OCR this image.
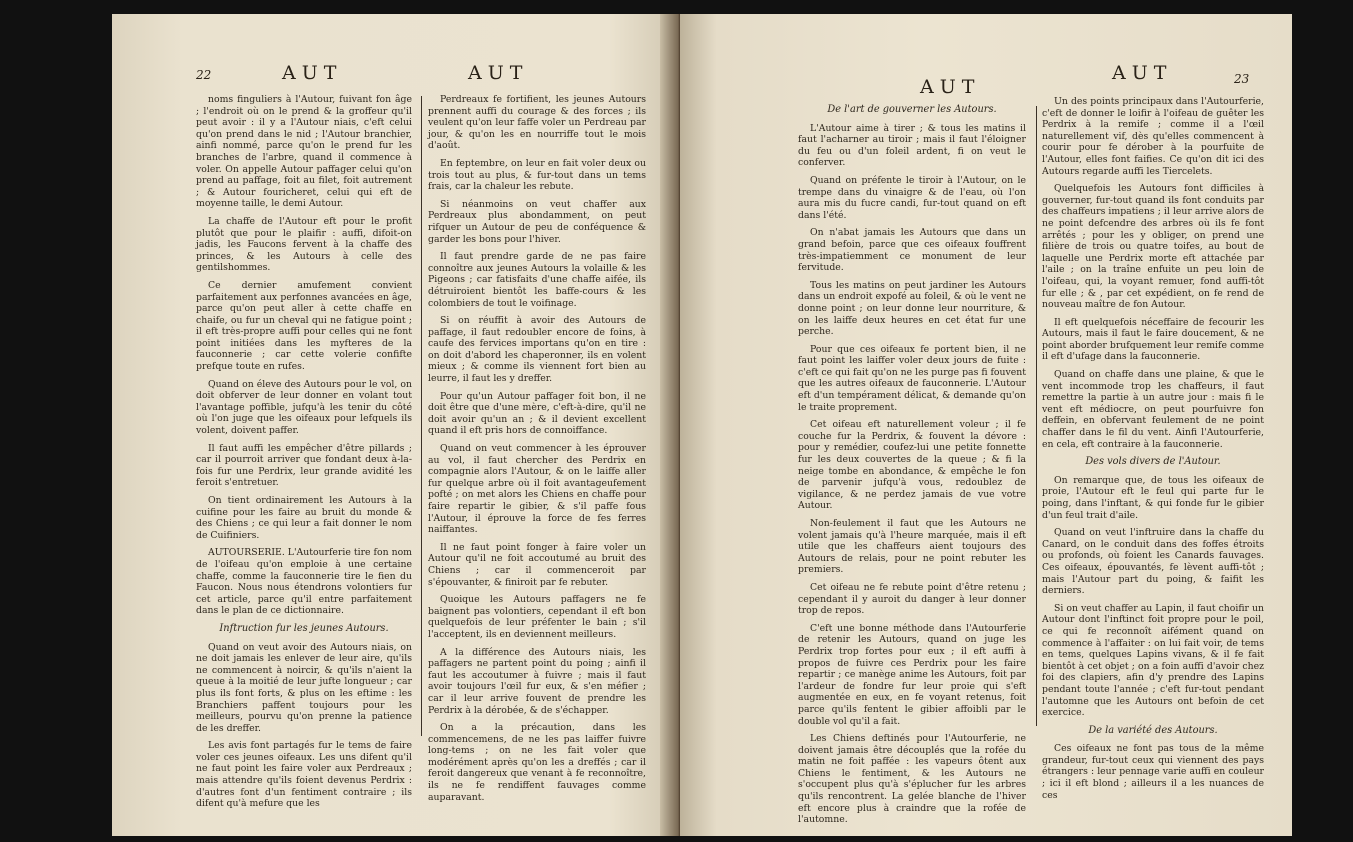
22	AUT	AUT

noms finguliers à l'Autour, fuivant fon âge ; l'endroit où on le prend & la groffeur qu'il peut avoir : il y a l'Autour niais, c'eft celui qu'on prend dans le nid ; l'Autour branchier, ainfi nommé, parce qu'on le prend fur les branches de l'arbre, quand il commence à voler. On appelle Autour paffager celui qu'on prend au paffage, foit au filet, foit autrement ; & Autour fouricheret, celui qui eft de moyenne taille, le demi Autour.

La chaffe de l'Autour eft pour le profit plutôt que pour le plaifir : auffi, difoit-on jadis, les Faucons fervent à la chaffe des princes, & les Autours à celle des gentilshommes.

Ce dernier amufement convient parfaitement aux perfonnes avancées en âge, parce qu'on peut aller à cette chaffe en chaife, ou fur un cheval qui ne fatigue point ; il eft très-propre auffi pour celles qui ne font point initiées dans les myfteres de la fauconnerie ; car cette volerie confifte prefque toute en rufes.

Quand on éleve des Autours pour le vol, on doit obferver de leur donner en volant tout l'avantage poffible, jufqu'à les tenir du côté où l'on juge que les oifeaux pour lefquels ils volent, doivent paffer.

Il faut auffi les empêcher d'être pillards ; car il pourroit arriver que fondant deux à-la-fois fur une Perdrix, leur grande avidité les feroit s'entretuer.

On tient ordinairement les Autours à la cuifine pour les faire au bruit du monde & des Chiens ; ce qui leur a fait donner le nom de Cuifiniers.

AUTOURSERIE. L'Autourferie tire fon nom de l'oifeau qu'on emploie à une certaine chaffe, comme la fauconnerie tire le fien du Faucon. Nous nous étendrons volontiers fur cet article, parce qu'il entre parfaitement dans le plan de ce dictionnaire.

Inftruction fur les jeunes Autours.

Quand on veut avoir des Autours niais, on ne doit jamais les enlever de leur aire, qu'ils ne commencent à noircir, & qu'ils n'aient la queue à la moitié de leur jufte longueur ; car plus ils font forts, & plus on les eftime : les Branchiers paffent toujours pour les meilleurs, pourvu qu'on prenne la patience de les dreffer.

Les avis font partagés fur le tems de faire voler ces jeunes oifeaux. Les uns difent qu'il ne faut point les faire voler aux Perdreaux ; mais attendre qu'ils foient devenus Perdrix : d'autres font d'un fentiment contraire ; ils difent qu'à mefure que les

Perdreaux fe fortifient, les jeunes Autours prennent auffi du courage & des forces ; ils veulent qu'on leur faffe voler un Perdreau par jour, & qu'on les en nourriffe tout le mois d'août.

En feptembre, on leur en fait voler deux ou trois tout au plus, & fur-tout dans un tems frais, car la chaleur les rebute.

Si néanmoins on veut chaffer aux Perdreaux plus abondamment, on peut rifquer un Autour de peu de conféquence & garder les bons pour l'hiver.

Il faut prendre garde de ne pas faire connoître aux jeunes Autours la volaille & les Pigeons ; car fatisfaits d'une chaffe aifée, ils détruiroient bientôt les baffe-cours & les colombiers de tout le voifinage.

Si on réuffit à avoir des Autours de paffage, il faut redoubler encore de foins, à caufe des fervices importans qu'on en tire : on doit d'abord les chaperonner, ils en volent mieux ; & comme ils viennent fort bien au leurre, il faut les y dreffer.

Pour qu'un Autour paffager foit bon, il ne doit être que d'une mère, c'eft-à-dire, qu'il ne doit avoir qu'un an ; & il devient excellent quand il eft pris hors de connoiffance.

Quand on veut commencer à les éprouver au vol, il faut chercher des Perdrix en compagnie alors l'Autour, & on le laiffe aller fur quelque arbre où il foit avantageufement pofté ; on met alors les Chiens en chaffe pour faire repartir le gibier, & s'il paffe fous l'Autour, il éprouve la force de fes ferres naiffantes.

Il ne faut point fonger à faire voler un Autour qu'il ne foit accoutumé au bruit des Chiens ; car il commenceroit par s'épouvanter, & finiroit par fe rebuter.

Quoique les Autours paffagers ne fe baignent pas volontiers, cependant il eft bon quelquefois de leur préfenter le bain ; s'il l'acceptent, ils en deviennent meilleurs.

A la différence des Autours niais, les paffagers ne partent point du poing ; ainfi il faut les accoutumer à fuivre ; mais il faut avoir toujours l'œil fur eux, & s'en méfier ; car il leur arrive fouvent de prendre les Perdrix à la dérobée, & de s'échapper.

On a la précaution, dans les commencemens, de ne les pas laiffer fuivre long-tems ; on ne les fait voler que modérément après qu'on les a dreffés ; car il feroit dangereux que venant à fe reconnoître, ils ne fe rendiffent fauvages comme auparavant.

AUT
AUT	23
De l'art de gouverner les Autours.

L'Autour aime à tirer ; & tous les matins il faut l'acharner au tiroir ; mais il faut l'éloigner du feu ou d'un foleil ardent, fi on veut le conferver.

Quand on préfente le tiroir à l'Autour, on le trempe dans du vinaigre & de l'eau, où l'on aura mis du fucre candi, fur-tout quand on eft dans l'été.

On n'abat jamais les Autours que dans un grand befoin, parce que ces oifeaux fouffrent très-impatiemment ce monument de leur fervitude.

Tous les matins on peut jardiner les Autours dans un endroit expofé au foleil, & où le vent ne donne point ; on leur donne leur nourriture, & on les laiffe deux heures en cet état fur une perche.

Pour que ces oifeaux fe portent bien, il ne faut point les laiffer voler deux jours de fuite : c'eft ce qui fait qu'on ne les purge pas fi fouvent que les autres oifeaux de fauconnerie. L'Autour eft d'un tempérament délicat, & demande qu'on le traite proprement.

Cet oifeau eft naturellement voleur ; il fe couche fur la Perdrix, & fouvent la dévore : pour y remédier, coufez-lui une petite fonnette fur les deux couvertes de la queue ; & fi la neige tombe en abondance, & empêche le fon de parvenir jufqu'à vous, redoublez de vigilance, & ne perdez jamais de vue votre Autour.

Non-feulement il faut que les Autours ne volent jamais qu'à l'heure marquée, mais il eft utile que les chaffeurs aient toujours des Autours de relais, pour ne point rebuter les premiers.

Cet oifeau ne fe rebute point d'être retenu ; cependant il y auroit du danger à leur donner trop de repos.

C'eft une bonne méthode dans l'Autourferie de retenir les Autours, quand on juge les Perdrix trop fortes pour eux ; il eft auffi à propos de fuivre ces Perdrix pour les faire repartir ; ce manège anime les Autours, foit par l'ardeur de fondre fur leur proie qui s'eft augmentée en eux, en fe voyant retenus, foit parce qu'ils fentent le gibier affoibli par le double vol qu'il a fait.

Les Chiens deftinés pour l'Autourferie, ne doivent jamais être découplés que la rofée du matin ne foit paffée : les vapeurs ôtent aux Chiens le fentiment, & les Autours ne s'occupent plus qu'à s'éplucher fur les arbres qu'ils rencontrent. La gelée blanche de l'hiver eft encore plus à craindre que la rofée de l'automne.

Un des points principaux dans l'Autourferie, c'eft de donner le loifir à l'oifeau de guêter les Perdrix à la remife ; comme il a l'œil naturellement vif, dès qu'elles commencent à courir pour fe dérober à la pourfuite de l'Autour, elles font faifies. Ce qu'on dit ici des Autours regarde auffi les Tiercelets.

Quelquefois les Autours font difficiles à gouverner, fur-tout quand ils font conduits par des chaffeurs impatiens ; il leur arrive alors de ne point defcendre des arbres où ils fe font arrêtés ; pour les y obliger, on prend une filière de trois ou quatre toifes, au bout de laquelle une Perdrix morte eft attachée par l'aile ; on la traîne enfuite un peu loin de l'oifeau, qui, la voyant remuer, fond auffi-tôt fur elle ; & , par cet expédient, on fe rend de nouveau maître de fon Autour.

Il eft quelquefois néceffaire de fecourir les Autours, mais il faut le faire doucement, & ne point aborder brufquement leur remife comme il eft d'ufage dans la fauconnerie.

Quand on chaffe dans une plaine, & que le vent incommode trop les chaffeurs, il faut remettre la partie à un autre jour : mais fi le vent eft médiocre, on peut pourfuivre fon deffein, en obfervant feulement de ne point chaffer dans le fil du vent. Ainfi l'Autourferie, en cela, eft contraire à la fauconnerie.

Des vols divers de l'Autour.

On remarque que, de tous les oifeaux de proie, l'Autour eft le feul qui parte fur le poing, dans l'inftant, & qui fonde fur le gibier d'un feul trait d'aile.

Quand on veut l'inftruire dans la chaffe du Canard, on le conduit dans des foffes étroits ou profonds, où foient les Canards fauvages. Ces oifeaux, épouvantés, fe lèvent auffi-tôt ; mais l'Autour part du poing, & faifit les derniers.

Si on veut chaffer au Lapin, il faut choifir un Autour dont l'inftinct foit propre pour le poil, ce qui fe reconnoît aifément quand on commence à l'affaiter : on lui fait voir, de tems en tems, quelques Lapins vivans, & il fe fait bientôt à cet objet ; on a foin auffi d'avoir chez foi des clapiers, afin d'y prendre des Lapins pendant toute l'année ; c'eft fur-tout pendant l'automne que les Autours ont befoin de cet exercice.

De la variété des Autours.

Ces oifeaux ne font pas tous de la même grandeur, fur-tout ceux qui viennent des pays étrangers : leur pennage varie auffi en couleur ; ici il eft blond ; ailleurs il a les nuances de ces
